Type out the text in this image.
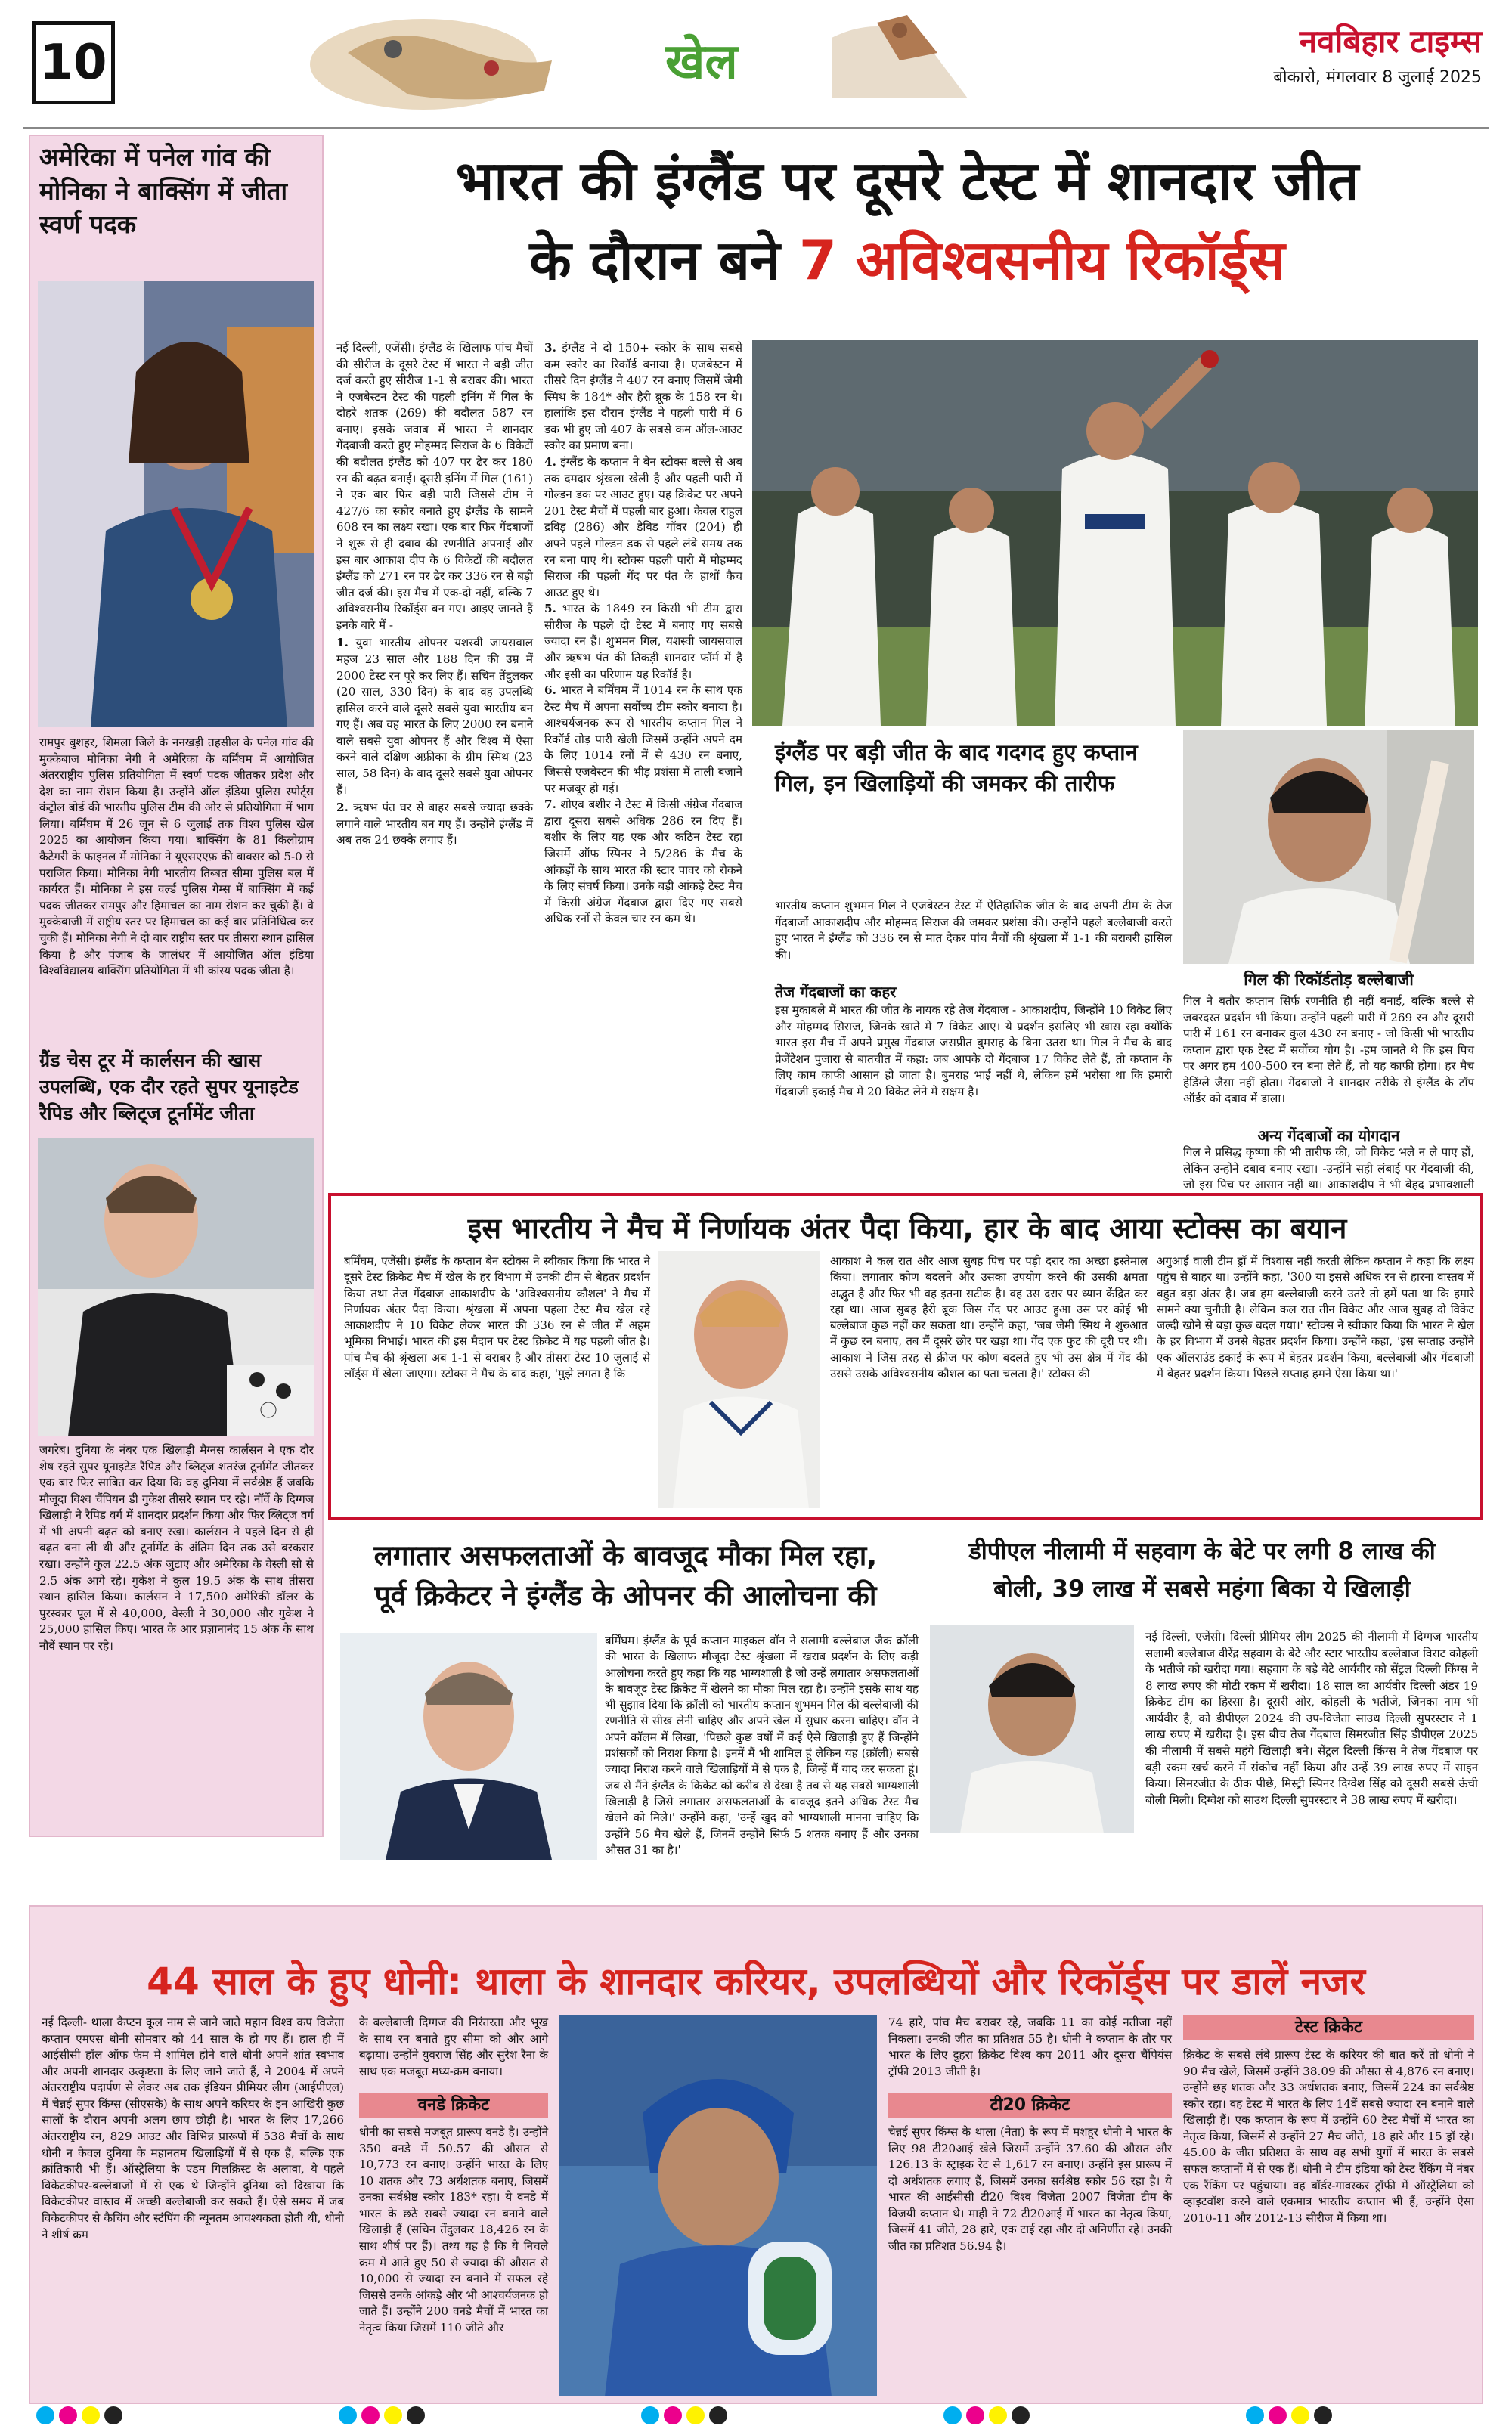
10	खेल	नवबिहार टाइम्स
बोकारो, मंगलवार 8 जुलाई 2025
अमेरिका में पनेल गांव की मोनिका ने बाक्सिंग में जीता स्वर्ण पदक
रामपुर बुशहर, शिमला जिले के ननखड़ी तहसील के पनेल गांव की मुक्केबाज मोनिका नेगी ने अमेरिका के बर्मिंघम में आयोजित अंतरराष्ट्रीय पुलिस प्रतियोगिता में स्वर्ण पदक जीतकर प्रदेश और देश का नाम रोशन किया है। उन्होंने ऑल इंडिया पुलिस स्पोर्ट्स कंट्रोल बोर्ड की भारतीय पुलिस टीम की ओर से प्रतियोगिता में भाग लिया। बर्मिंघम में 26 जून से 6 जुलाई तक विश्व पुलिस खेल 2025 का आयोजन किया गया। बाक्सिंग के 81 किलोग्राम कैटेगरी के फाइनल में मोनिका ने यूएसएएफ़ की बाक्सर को 5-0 से पराजित किया। मोनिका नेगी भारतीय तिब्बत सीमा पुलिस बल में कार्यरत हैं। मोनिका ने इस वर्ल्ड पुलिस गेम्स में बाक्सिंग में कई पदक जीतकर रामपुर और हिमाचल का नाम रोशन कर चुकी हैं। वे मुक्केबाजी में राष्ट्रीय स्तर पर हिमाचल का कई बार प्रतिनिधित्व कर चुकी हैं। मोनिका नेगी ने दो बार राष्ट्रीय स्तर पर तीसरा स्थान हासिल किया है और पंजाब के जालंधर में आयोजित ऑल इंडिया विश्वविद्यालय बाक्सिंग प्रतियोगिता में भी कांस्य पदक जीता है।
ग्रैंड चेस टूर में कार्लसन की खास उपलब्धि, एक दौर रहते सुपर यूनाइटेड रैपिड और ब्लिट्ज टूर्नामेंट जीता
जगरेब। दुनिया के नंबर एक खिलाड़ी मैग्नस कार्लसन ने एक दौर शेष रहते सुपर यूनाइटेड रैपिड और ब्लिट्ज शतरंज टूर्नामेंट जीतकर एक बार फिर साबित कर दिया कि वह दुनिया में सर्वश्रेष्ठ हैं जबकि मौजूदा विश्व चैंपियन डी गुकेश तीसरे स्थान पर रहे। नॉर्वे के दिग्गज खिलाड़ी ने रैपिड वर्ग में शानदार प्रदर्शन किया और फिर ब्लिट्ज वर्ग में भी अपनी बढ़त को बनाए रखा। कार्लसन ने पहले दिन से ही बढ़त बना ली थी और टूर्नामेंट के अंतिम दिन तक उसे बरकरार रखा। उन्होंने कुल 22.5 अंक जुटाए और अमेरिका के वेस्ली सो से 2.5 अंक आगे रहे। गुकेश ने कुल 19.5 अंक के साथ तीसरा स्थान हासिल किया। कार्लसन ने 17,500 अमेरिकी डॉलर के पुरस्कार पूल में से 40,000, वेस्ली ने 30,000 और गुकेश ने 25,000 हासिल किए। भारत के आर प्रज्ञानानंद 15 अंक के साथ नौवें स्थान पर रहे।
भारत की इंग्लैंड पर दूसरे टेस्ट में शानदार जीत
के दौरान बने 7 अविश्वसनीय रिकॉर्ड्स

नई दिल्ली, एजेंसी। इंग्लैंड के खिलाफ पांच मैचों की सीरीज के दूसरे टेस्ट में भारत ने बड़ी जीत दर्ज करते हुए सीरीज 1-1 से बराबर की। भारत ने एजबेस्टन टेस्ट की पहली इनिंग में गिल के दोहरे शतक (269) की बदौलत 587 रन बनाए। इसके जवाब में भारत ने शानदार गेंदबाजी करते हुए मोहम्मद सिराज के 6 विकेटों की बदौलत इंग्लैंड को 407 पर ढेर कर 180 रन की बढ़त बनाई। दूसरी इनिंग में गिल (161) ने एक बार फिर बड़ी पारी जिससे टीम ने 427/6 का स्कोर बनाते हुए इंग्लैंड के सामने 608 रन का लक्ष्य रखा। एक बार फिर गेंदबाजों ने शुरू से ही दबाव की रणनीति अपनाई और इस बार आकाश दीप के 6 विकेटों की बदौलत इंग्लैंड को 271 रन पर ढेर कर 336 रन से बड़ी जीत दर्ज की। इस मैच में एक-दो नहीं, बल्कि 7 अविश्वसनीय रिकॉर्ड्स बन गए। आइए जानते हैं इनके बारे में -

1. युवा भारतीय ओपनर यशस्वी जायसवाल महज 23 साल और 188 दिन की उम्र में 2000 टेस्ट रन पूरे कर लिए हैं। सचिन तेंदुलकर (20 साल, 330 दिन) के बाद वह उपलब्धि हासिल करने वाले दूसरे सबसे युवा भारतीय बन गए हैं। अब वह भारत के लिए 2000 रन बनाने वाले सबसे युवा ओपनर हैं और विश्व में ऐसा करने वाले दक्षिण अफ्रीका के ग्रीम स्मिथ (23 साल, 58 दिन) के बाद दूसरे सबसे युवा ओपनर हैं।
2. ऋषभ पंत घर से बाहर सबसे ज्यादा छक्के लगाने वाले भारतीय बन गए हैं। उन्होंने इंग्लैंड में अब तक 24 छक्के लगाए हैं।
3. इंग्लैंड ने दो 150+ स्कोर के साथ सबसे कम स्कोर का रिकॉर्ड बनाया है। एजबेस्टन में तीसरे दिन इंग्लैंड ने 407 रन बनाए जिसमें जेमी स्मिथ के 184* और हैरी ब्रूक के 158 रन थे। हालांकि इस दौरान इंग्लैंड ने पहली पारी में 6 डक भी हुए जो 407 के सबसे कम ऑल-आउट स्कोर का प्रमाण बना।
4. इंग्लैंड के कप्तान ने बेन स्टोक्स बल्ले से अब तक दमदार श्रृंखला खेली है और पहली पारी में गोल्डन डक पर आउट हुए। यह क्रिकेट पर अपने 201 टेस्ट मैचों में पहली बार हुआ। केवल राहुल द्रविड़ (286) और डेविड गॉवर (204) ही अपने पहले गोल्डन डक से पहले लंबे समय तक रन बना पाए थे। स्टोक्स पहली पारी में मोहम्मद सिराज की पहली गेंद पर पंत के हाथों कैच आउट हुए थे।
5. भारत के 1849 रन किसी भी टीम द्वारा सीरीज के पहले दो टेस्ट में बनाए गए सबसे ज्यादा रन हैं। शुभमन गिल, यशस्वी जायसवाल और ऋषभ पंत की तिकड़ी शानदार फॉर्म में है और इसी का परिणाम यह रिकॉर्ड है।
6. भारत ने बर्मिंघम में 1014 रन के साथ एक टेस्ट मैच में अपना सर्वोच्च टीम स्कोर बनाया है। आश्चर्यजनक रूप से भारतीय कप्तान गिल ने रिकॉर्ड तोड़ पारी खेली जिसमें उन्होंने अपने दम के लिए 1014 रनों में से 430 रन बनाए, जिससे एजबेस्टन की भीड़ प्रशंसा में ताली बजाने पर मजबूर हो गई।
7. शोएब बशीर ने टेस्ट में किसी अंग्रेज गेंदबाज द्वारा दूसरा सबसे अधिक 286 रन दिए हैं। बशीर के लिए यह एक और कठिन टेस्ट रहा जिसमें ऑफ स्पिनर ने 5/286 के मैच के आंकड़ों के साथ भारत की स्टार पावर को रोकने के लिए संघर्ष किया। उनके बड़ी आंकड़े टेस्ट मैच में किसी अंग्रेज गेंदबाज द्वारा दिए गए सबसे अधिक रनों से केवल चार रन कम थे।
इंग्लैंड पर बड़ी जीत के बाद गदगद हुए कप्तान गिल, इन खिलाड़ियों की जमकर की तारीफ
भारतीय कप्तान शुभमन गिल ने एजबेस्टन टेस्ट में ऐतिहासिक जीत के बाद अपनी टीम के तेज गेंदबाजों आकाशदीप और मोहम्मद सिराज की जमकर प्रशंसा की। उन्होंने पहले बल्लेबाजी करते हुए भारत ने इंग्लैंड को 336 रन से मात देकर पांच मैचों की श्रृंखला में 1-1 की बराबरी हासिल की।
तेज गेंदबाजों का कहर
इस मुकाबले में भारत की जीत के नायक रहे तेज गेंदबाज - आकाशदीप, जिन्होंने 10 विकेट लिए और मोहम्मद सिराज, जिनके खाते में 7 विकेट आए। ये प्रदर्शन इसलिए भी खास रहा क्योंकि भारत इस मैच में अपने प्रमुख गेंदबाज जसप्रीत बुमराह के बिना उतरा था। गिल ने मैच के बाद प्रेजेंटेशन पुजारा से बातचीत में कहा: जब आपके दो गेंदबाज 17 विकेट लेते हैं, तो कप्तान के लिए काम काफी आसान हो जाता है। बुमराह भाई नहीं थे, लेकिन हमें भरोसा था कि हमारी गेंदबाजी इकाई मैच में 20 विकेट लेने में सक्षम है।
गिल की रिकॉर्डतोड़ बल्लेबाजी
गिल ने बतौर कप्तान सिर्फ रणनीति ही नहीं बनाई, बल्कि बल्ले से जबरदस्त प्रदर्शन भी किया। उन्होंने पहली पारी में 269 रन और दूसरी पारी में 161 रन बनाकर कुल 430 रन बनाए - जो किसी भी भारतीय कप्तान द्वारा एक टेस्ट में सर्वोच्च योग है। -हम जानते थे कि इस पिच पर अगर हम 400-500 रन बना लेते हैं, तो यह काफी होगा। हर मैच हेडिंग्ले जैसा नहीं होता। गेंदबाजों ने शानदार तरीके से इंग्लैंड के टॉप ऑर्डर को दबाव में डाला।
अन्य गेंदबाजों का योगदान
गिल ने प्रसिद्ध कृष्णा की भी तारीफ की, जो विकेट भले न ले पाए हों, लेकिन उन्होंने दबाव बनाए रखा। -उन्होंने सही लंबाई पर गेंदबाजी की, जो इस पिच पर आसान नहीं था। आकाशदीप ने भी बेहद प्रभावशाली
इस भारतीय ने मैच में निर्णायक अंतर पैदा किया, हार के बाद आया स्टोक्स का बयान
बर्मिंघम, एजेंसी। इंग्लैंड के कप्तान बेन स्टोक्स ने स्वीकार किया कि भारत ने दूसरे टेस्ट क्रिकेट मैच में खेल के हर विभाग में उनकी टीम से बेहतर प्रदर्शन किया तथा तेज गेंदबाज आकाशदीप के 'अविश्वसनीय कौशल' ने मैच में निर्णायक अंतर पैदा किया। श्रृंखला में अपना पहला टेस्ट मैच खेल रहे आकाशदीप ने 10 विकेट लेकर भारत की 336 रन से जीत में अहम भूमिका निभाई। भारत की इस मैदान पर टेस्ट क्रिकेट में यह पहली जीत है। पांच मैच की श्रृंखला अब 1-1 से बराबर है और तीसरा टेस्ट 10 जुलाई से लॉर्ड्स में खेला जाएगा। स्टोक्स ने मैच के बाद कहा, 'मुझे लगता है कि
आकाश ने कल रात और आज सुबह पिच पर पड़ी दरार का अच्छा इस्तेमाल किया। लगातार कोण बदलने और उसका उपयोग करने की उसकी क्षमता अद्भुत है और फिर भी वह इतना सटीक है। वह उस दरार पर ध्यान केंद्रित कर रहा था। आज सुबह हैरी ब्रूक जिस गेंद पर आउट हुआ उस पर कोई भी बल्लेबाज कुछ नहीं कर सकता था। उन्होंने कहा, 'जब जेमी स्मिथ ने शुरुआत में कुछ रन बनाए, तब मैं दूसरे छोर पर खड़ा था। गेंद एक फुट की दूरी पर थी। आकाश ने जिस तरह से क्रीज पर कोण बदलते हुए भी उस क्षेत्र में गेंद की उससे उसके अविश्वसनीय कौशल का पता चलता है।' स्टोक्स की
अगुआई वाली टीम ड्रॉ में विश्वास नहीं करती लेकिन कप्तान ने कहा कि लक्ष्य पहुंच से बाहर था। उन्होंने कहा, '300 या इससे अधिक रन से हारना वास्तव में बहुत बड़ा अंतर है। जब हम बल्लेबाजी करने उतरे तो हमें पता था कि हमारे सामने क्या चुनौती है। लेकिन कल रात तीन विकेट और आज सुबह दो विकेट जल्दी खोने से बड़ा कुछ बदल गया।' स्टोक्स ने स्वीकार किया कि भारत ने खेल के हर विभाग में उनसे बेहतर प्रदर्शन किया। उन्होंने कहा, 'इस सप्ताह उन्होंने एक ऑलराउंड इकाई के रूप में बेहतर प्रदर्शन किया, बल्लेबाजी और गेंदबाजी में बेहतर प्रदर्शन किया। पिछले सप्ताह हमने ऐसा किया था।'
लगातार असफलताओं के बावजूद मौका मिल रहा,
पूर्व क्रिकेटर ने इंग्लैंड के ओपनर की आलोचना की
बर्मिंघम। इंग्लैंड के पूर्व कप्तान माइकल वॉन ने सलामी बल्लेबाज जैक क्रॉली की भारत के खिलाफ मौजूदा टेस्ट श्रृंखला में खराब प्रदर्शन के लिए कड़ी आलोचना करते हुए कहा कि यह भाग्यशाली है जो उन्हें लगातार असफलताओं के बावजूद टेस्ट क्रिकेट में खेलने का मौका मिल रहा है। उन्होंने इसके साथ यह भी सुझाव दिया कि क्रॉली को भारतीय कप्तान शुभमन गिल की बल्लेबाजी की रणनीति से सीख लेनी चाहिए और अपने खेल में सुधार करना चाहिए। वॉन ने अपने कॉलम में लिखा, 'पिछले कुछ वर्षों में कई ऐसे खिलाड़ी हुए हैं जिन्होंने प्रशंसकों को निराश किया है। इनमें मैं भी शामिल हूं लेकिन यह (क्रॉली) सबसे ज्यादा निराश करने वाले खिलाड़ियों में से एक है, जिन्हें मैं याद कर सकता हूं। जब से मैंने इंग्लैंड के क्रिकेट को करीब से देखा है तब से यह सबसे भाग्यशाली खिलाड़ी है जिसे लगातार असफलताओं के बावजूद इतने अधिक टेस्ट मैच खेलने को मिले।' उन्होंने कहा, 'उन्हें खुद को भाग्यशाली मानना चाहिए कि उन्होंने 56 मैच खेले हैं, जिनमें उन्होंने सिर्फ 5 शतक बनाए हैं और उनका औसत 31 का है।'
डीपीएल नीलामी में सहवाग के बेटे पर लगी 8 लाख की
बोली, 39 लाख में सबसे महंगा बिका ये खिलाड़ी
नई दिल्ली, एजेंसी। दिल्ली प्रीमियर लीग 2025 की नीलामी में दिग्गज भारतीय सलामी बल्लेबाज वीरेंद्र सहवाग के बेटे और स्टार भारतीय बल्लेबाज विराट कोहली के भतीजे को खरीदा गया। सहवाग के बड़े बेटे आर्यवीर को सेंट्रल दिल्ली किंग्स ने 8 लाख रुपए की मोटी रकम में खरीदा। 18 साल का आर्यवीर दिल्ली अंडर 19 क्रिकेट टीम का हिस्सा है। दूसरी ओर, कोहली के भतीजे, जिनका नाम भी आर्यवीर है, को डीपीएल 2024 की उप-विजेता साउथ दिल्ली सुपरस्टार ने 1 लाख रुपए में खरीदा है। इस बीच तेज गेंदबाज सिमरजीत सिंह डीपीएल 2025 की नीलामी में सबसे महंगे खिलाड़ी बने। सेंट्रल दिल्ली किंग्स ने तेज गेंदबाज पर बड़ी रकम खर्च करने में संकोच नहीं किया और उन्हें 39 लाख रुपए में साइन किया। सिमरजीत के ठीक पीछे, मिस्ट्री स्पिनर दिग्वेश सिंह को दूसरी सबसे ऊंची बोली मिली। दिग्वेश को साउथ दिल्ली सुपरस्टार ने 38 लाख रुपए में खरीदा।
44 साल के हुए धोनी: थाला के शानदार करियर, उपलब्धियों और रिकॉर्ड्स पर डालें नजर
नई दिल्ली- थाला कैप्टन कूल नाम से जाने जाते महान विश्व कप विजेता कप्तान एमएस धोनी सोमवार को 44 साल के हो गए हैं। हाल ही में आईसीसी हॉल ऑफ फेम में शामिल होने वाले धोनी अपने शांत स्वभाव और अपनी शानदार उत्कृष्टता के लिए जाने जाते हैं, ने 2004 में अपने अंतरराष्ट्रीय पदार्पण से लेकर अब तक इंडियन प्रीमियर लीग (आईपीएल) में चेन्नई सुपर किंग्स (सीएसके) के साथ अपने करियर के इन आखिरी कुछ सालों के दौरान अपनी अलग छाप छोड़ी है। भारत के लिए 17,266 अंतरराष्ट्रीय रन, 829 आउट और विभिन्न प्रारूपों में 538 मैचों के साथ धोनी न केवल दुनिया के महानतम खिलाड़ियों में से एक हैं, बल्कि एक क्रांतिकारी भी हैं। ऑस्ट्रेलिया के एडम गिलक्रिस्ट के अलावा, ये पहले विकेटकीपर-बल्लेबाजों में से एक थे जिन्होंने दुनिया को दिखाया कि विकेटकीपर वास्तव में अच्छी बल्लेबाजी कर सकते हैं। ऐसे समय में जब विकेटकीपर से कैचिंग और स्टंपिंग की न्यूनतम आवश्यकता होती थी, धोनी ने शीर्ष क्रम
के बल्लेबाजी दिग्गज की निरंतरता और भूख के साथ रन बनाते हुए सीमा को और आगे बढ़ाया। उन्होंने युवराज सिंह और सुरेश रैना के साथ एक मजबूत मध्य-क्रम बनाया।
वनडे क्रिकेट
धोनी का सबसे मजबूत प्रारूप वनडे है। उन्होंने 350 वनडे में 50.57 की औसत से 10,773 रन बनाए। उन्होंने भारत के लिए 10 शतक और 73 अर्धशतक बनाए, जिसमें उनका सर्वश्रेष्ठ स्कोर 183* रहा। ये वनडे में भारत के छठे सबसे ज्यादा रन बनाने वाले खिलाड़ी हैं (सचिन तेंदुलकर 18,426 रन के साथ शीर्ष पर हैं)। तथ्य यह है कि ये निचले क्रम में आते हुए 50 से ज्यादा की औसत से 10,000 से ज्यादा रन बनाने में सफल रहे जिससे उनके आंकड़े और भी आश्चर्यजनक हो जाते हैं। उन्होंने 200 वनडे मैचों में भारत का नेतृत्व किया जिसमें 110 जीते और
74 हारे, पांच मैच बराबर रहे, जबकि 11 का कोई नतीजा नहीं निकला। उनकी जीत का प्रतिशत 55 है। धोनी ने कप्तान के तौर पर भारत के लिए दुहरा क्रिकेट विश्व कप 2011 और दूसरा चैंपियंस ट्रॉफी 2013 जीती है।
टी20 क्रिकेट
चेन्नई सुपर किंग्स के थाला (नेता) के रूप में मशहूर धोनी ने भारत के लिए 98 टी20आई खेले जिसमें उन्होंने 37.60 की औसत और 126.13 के स्ट्राइक रेट से 1,617 रन बनाए। उन्होंने इस प्रारूप में दो अर्धशतक लगाए हैं, जिसमें उनका सर्वश्रेष्ठ स्कोर 56 रहा है। ये भारत की आईसीसी टी20 विश्व विजेता 2007 विजेता टीम के विजयी कप्तान थे। माही ने 72 टी20आई में भारत का नेतृत्व किया, जिसमें 41 जीते, 28 हारे, एक टाई रहा और दो अनिर्णीत रहे। उनकी जीत का प्रतिशत 56.94 है।
टेस्ट क्रिकेट
क्रिकेट के सबसे लंबे प्रारूप टेस्ट के करियर की बात करें तो धोनी ने 90 मैच खेले, जिसमें उन्होंने 38.09 की औसत से 4,876 रन बनाए। उन्होंने छह शतक और 33 अर्धशतक बनाए, जिसमें 224 का सर्वश्रेष्ठ स्कोर रहा। वह टेस्ट में भारत के लिए 14वें सबसे ज्यादा रन बनाने वाले खिलाड़ी हैं। एक कप्तान के रूप में उन्होंने 60 टेस्ट मैचों में भारत का नेतृत्व किया, जिसमें से उन्होंने 27 मैच जीते, 18 हारे और 15 ड्रॉ रहे। 45.00 के जीत प्रतिशत के साथ वह सभी युगों में भारत के सबसे सफल कप्तानों में से एक हैं। धोनी ने टीम इंडिया को टेस्ट रैंकिंग में नंबर एक रैंकिंग पर पहुंचाया। वह बॉर्डर-गावस्कर ट्रॉफी में ऑस्ट्रेलिया को व्हाइटवॉश करने वाले एकमात्र भारतीय कप्तान भी हैं, उन्होंने ऐसा 2010-11 और 2012-13 सीरीज में किया था।
